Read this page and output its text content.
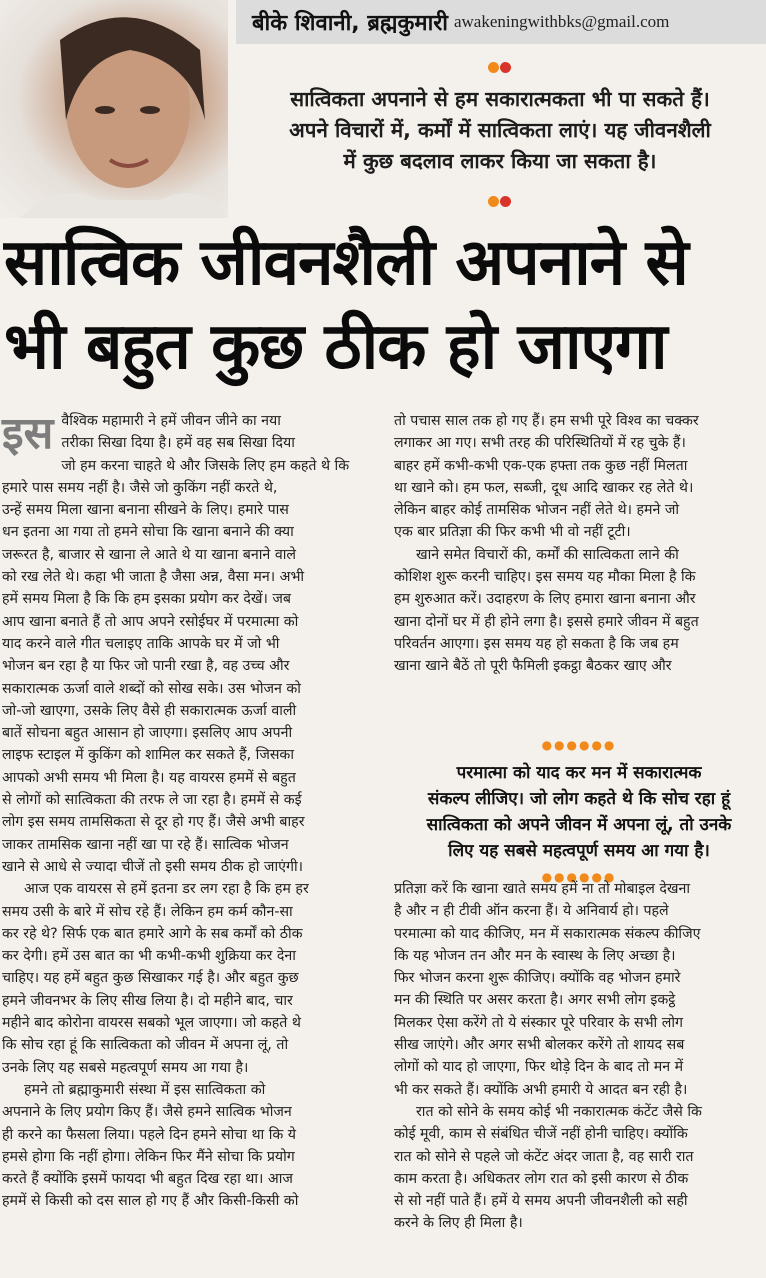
बीके शिवानी, ब्रह्मकुमारी awakeningwithbks@gmail.com
सात्विकता अपनाने से हम सकारात्मकता भी पा सकते हैं।
अपने विचारों में, कर्मों में सात्विकता लाएं। यह जीवनशैली
में कुछ बदलाव लाकर किया जा सकता है।
सात्विक जीवनशैली अपनाने से
भी बहुत कुछ ठीक हो जाएगा
इस वैश्विक महामारी ने हमें जीवन जीने का नया
तरीका सिखा दिया है। हमें वह सब सिखा दिया
जो हम करना चाहते थे और जिसके लिए हम कहते थे कि
हमारे पास समय नहीं है। जैसे जो कुकिंग नहीं करते थे,
उन्हें समय मिला खाना बनाना सीखने के लिए। हमारे पास
धन इतना आ गया तो हमने सोचा कि खाना बनाने की क्या
जरूरत है, बाजार से खाना ले आते थे या खाना बनाने वाले
को रख लेते थे। कहा भी जाता है जैसा अन्न, वैसा मन। अभी
हमें समय मिला है कि कि हम इसका प्रयोग कर देखें। जब
आप खाना बनाते हैं तो आप अपने रसोईघर में परमात्मा को
याद करने वाले गीत चलाइए ताकि आपके घर में जो भी
भोजन बन रहा है या फिर जो पानी रखा है, वह उच्च और
सकारात्मक ऊर्जा वाले शब्दों को सोख सके। उस भोजन को
जो-जो खाएगा, उसके लिए वैसे ही सकारात्मक ऊर्जा वाली
बातें सोचना बहुत आसान हो जाएगा। इसलिए आप अपनी
लाइफ स्टाइल में कुकिंग को शामिल कर सकते हैं, जिसका
आपको अभी समय भी मिला है। यह वायरस हममें से बहुत
से लोगों को सात्विकता की तरफ ले जा रहा है। हममें से कई
लोग इस समय तामसिकता से दूर हो गए हैं। जैसे अभी बाहर
जाकर तामसिक खाना नहीं खा पा रहे हैं। सात्विक भोजन
खाने से आधे से ज्यादा चीजें तो इसी समय ठीक हो जाएंगी।
आज एक वायरस से हमें इतना डर लग रहा है कि हम हर
समय उसी के बारे में सोच रहे हैं। लेकिन हम कर्म कौन-सा
कर रहे थे? सिर्फ एक बात हमारे आगे के सब कर्मों को ठीक
कर देगी। हमें उस बात का भी कभी-कभी शुक्रिया कर देना
चाहिए। यह हमें बहुत कुछ सिखाकर गई है। और बहुत कुछ
हमने जीवनभर के लिए सीख लिया है। दो महीने बाद, चार
महीने बाद कोरोना वायरस सबको भूल जाएगा। जो कहते थे
कि सोच रहा हूं कि सात्विकता को जीवन में अपना लूं, तो
उनके लिए यह सबसे महत्वपूर्ण समय आ गया है।
हमने तो ब्रह्माकुमारी संस्था में इस सात्विकता को
अपनाने के लिए प्रयोग किए हैं। जैसे हमने सात्विक भोजन
ही करने का फैसला लिया। पहले दिन हमने सोचा था कि ये
हमसे होगा कि नहीं होगा। लेकिन फिर मैंने सोचा कि प्रयोग
करते हैं क्योंकि इसमें फायदा भी बहुत दिख रहा था। आज
हममें से किसी को दस साल हो गए हैं और किसी-किसी को
तो पचास साल तक हो गए हैं। हम सभी पूरे विश्व का चक्कर
लगाकर आ गए। सभी तरह की परिस्थितियों में रह चुके हैं।
बाहर हमें कभी-कभी एक-एक हफ्ता तक कुछ नहीं मिलता
था खाने को। हम फल, सब्जी, दूध आदि खाकर रह लेते थे।
लेकिन बाहर कोई तामसिक भोजन नहीं लेते थे। हमने जो
एक बार प्रतिज्ञा की फिर कभी भी वो नहीं टूटी।
खाने समेत विचारों की, कर्मों की सात्विकता लाने की
कोशिश शुरू करनी चाहिए। इस समय यह मौका मिला है कि
हम शुरुआत करें। उदाहरण के लिए हमारा खाना बनाना और
खाना दोनों घर में ही होने लगा है। इससे हमारे जीवन में बहुत
परिवर्तन आएगा। इस समय यह हो सकता है कि जब हम
खाना खाने बैठें तो पूरी फैमिली इकट्ठा बैठकर खाए और
●●●●●●
परमात्मा को याद कर मन में सकारात्मक
संकल्प लीजिए। जो लोग कहते थे कि सोच रहा हूं
सात्विकता को अपने जीवन में अपना लूं, तो उनके
लिए यह सबसे महत्वपूर्ण समय आ गया है।
●●●●●●
प्रतिज्ञा करें कि खाना खाते समय हमें ना तो मोबाइल देखना
है और न ही टीवी ऑन करना हैं। ये अनिवार्य हो। पहले
परमात्मा को याद कीजिए, मन में सकारात्मक संकल्प कीजिए
कि यह भोजन तन और मन के स्वास्थ के लिए अच्छा है।
फिर भोजन करना शुरू कीजिए। क्योंकि वह भोजन हमारे
मन की स्थिति पर असर करता है। अगर सभी लोग इकट्ठे
मिलकर ऐसा करेंगे तो ये संस्कार पूरे परिवार के सभी लोग
सीख जाएंगे। और अगर सभी बोलकर करेंगे तो शायद सब
लोगों को याद हो जाएगा, फिर थोड़े दिन के बाद तो मन में
भी कर सकते हैं। क्योंकि अभी हमारी ये आदत बन रही है।
रात को सोने के समय कोई भी नकारात्मक कंटेंट जैसे कि
कोई मूवी, काम से संबंधित चीजें नहीं होनी चाहिए। क्योंकि
रात को सोने से पहले जो कंटेंट अंदर जाता है, वह सारी रात
काम करता है। अधिकतर लोग रात को इसी कारण से ठीक
से सो नहीं पाते हैं। हमें ये समय अपनी जीवनशैली को सही
करने के लिए ही मिला है।
